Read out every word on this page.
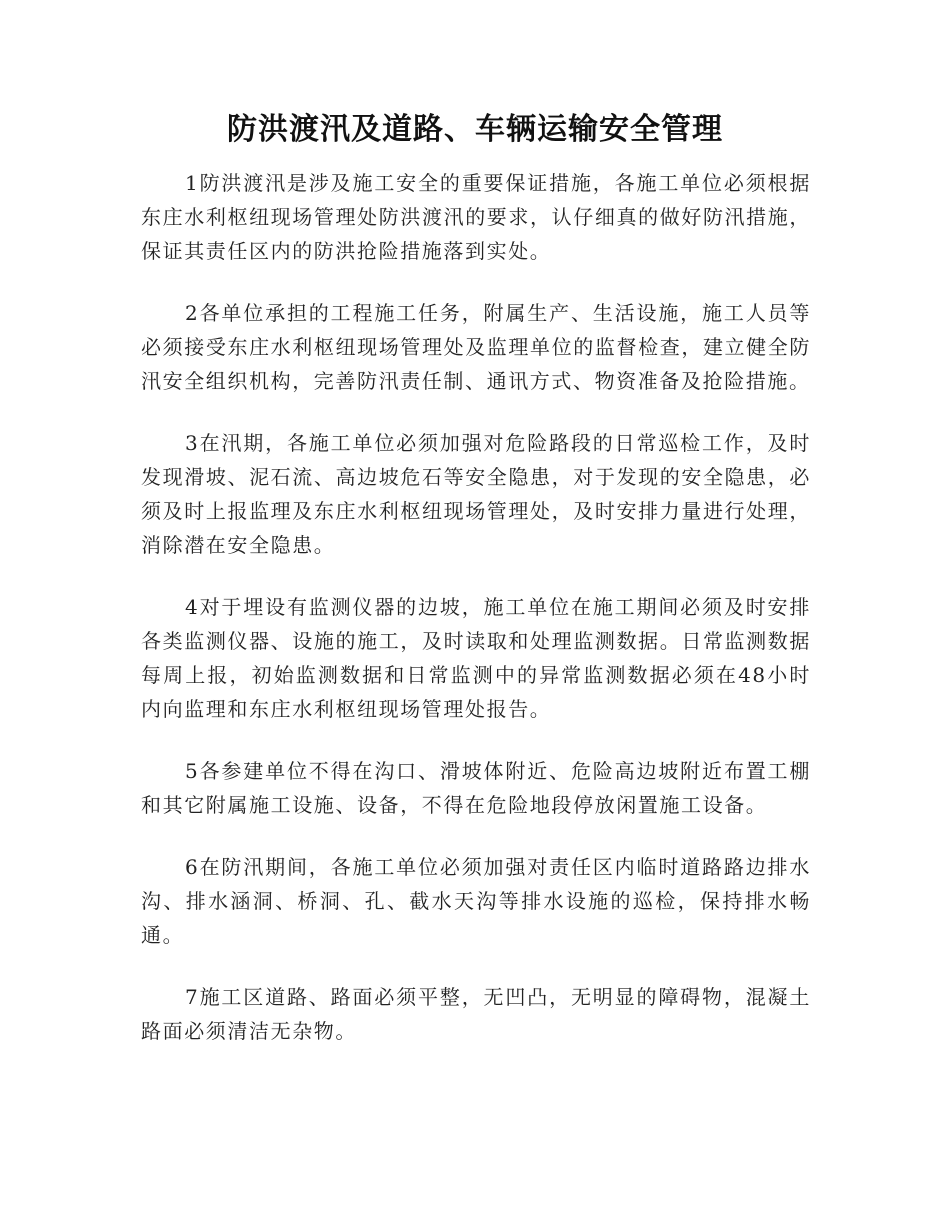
防洪渡汛及道路、车辆运输安全管理

1防洪渡汛是涉及施工安全的重要保证措施，各施工单位必须根据东庄水利枢纽现场管理处防洪渡汛的要求，认仔细真的做好防汛措施，保证其责任区内的防洪抢险措施落到实处。

2各单位承担的工程施工任务，附属生产、生活设施，施工人员等必须接受东庄水利枢纽现场管理处及监理单位的监督检查，建立健全防汛安全组织机构，完善防汛责任制、通讯方式、物资准备及抢险措施。

3在汛期，各施工单位必须加强对危险路段的日常巡检工作，及时发现滑坡、泥石流、高边坡危石等安全隐患，对于发现的安全隐患，必须及时上报监理及东庄水利枢纽现场管理处，及时安排力量进行处理，消除潜在安全隐患。

4对于埋设有监测仪器的边坡，施工单位在施工期间必须及时安排各类监测仪器、设施的施工，及时读取和处理监测数据。日常监测数据每周上报，初始监测数据和日常监测中的异常监测数据必须在48小时内向监理和东庄水利枢纽现场管理处报告。

5各参建单位不得在沟口、滑坡体附近、危险高边坡附近布置工棚和其它附属施工设施、设备，不得在危险地段停放闲置施工设备。

6在防汛期间，各施工单位必须加强对责任区内临时道路路边排水沟、排水涵洞、桥洞、孔、截水天沟等排水设施的巡检，保持排水畅通。

7施工区道路、路面必须平整，无凹凸，无明显的障碍物，混凝土路面必须清洁无杂物。
